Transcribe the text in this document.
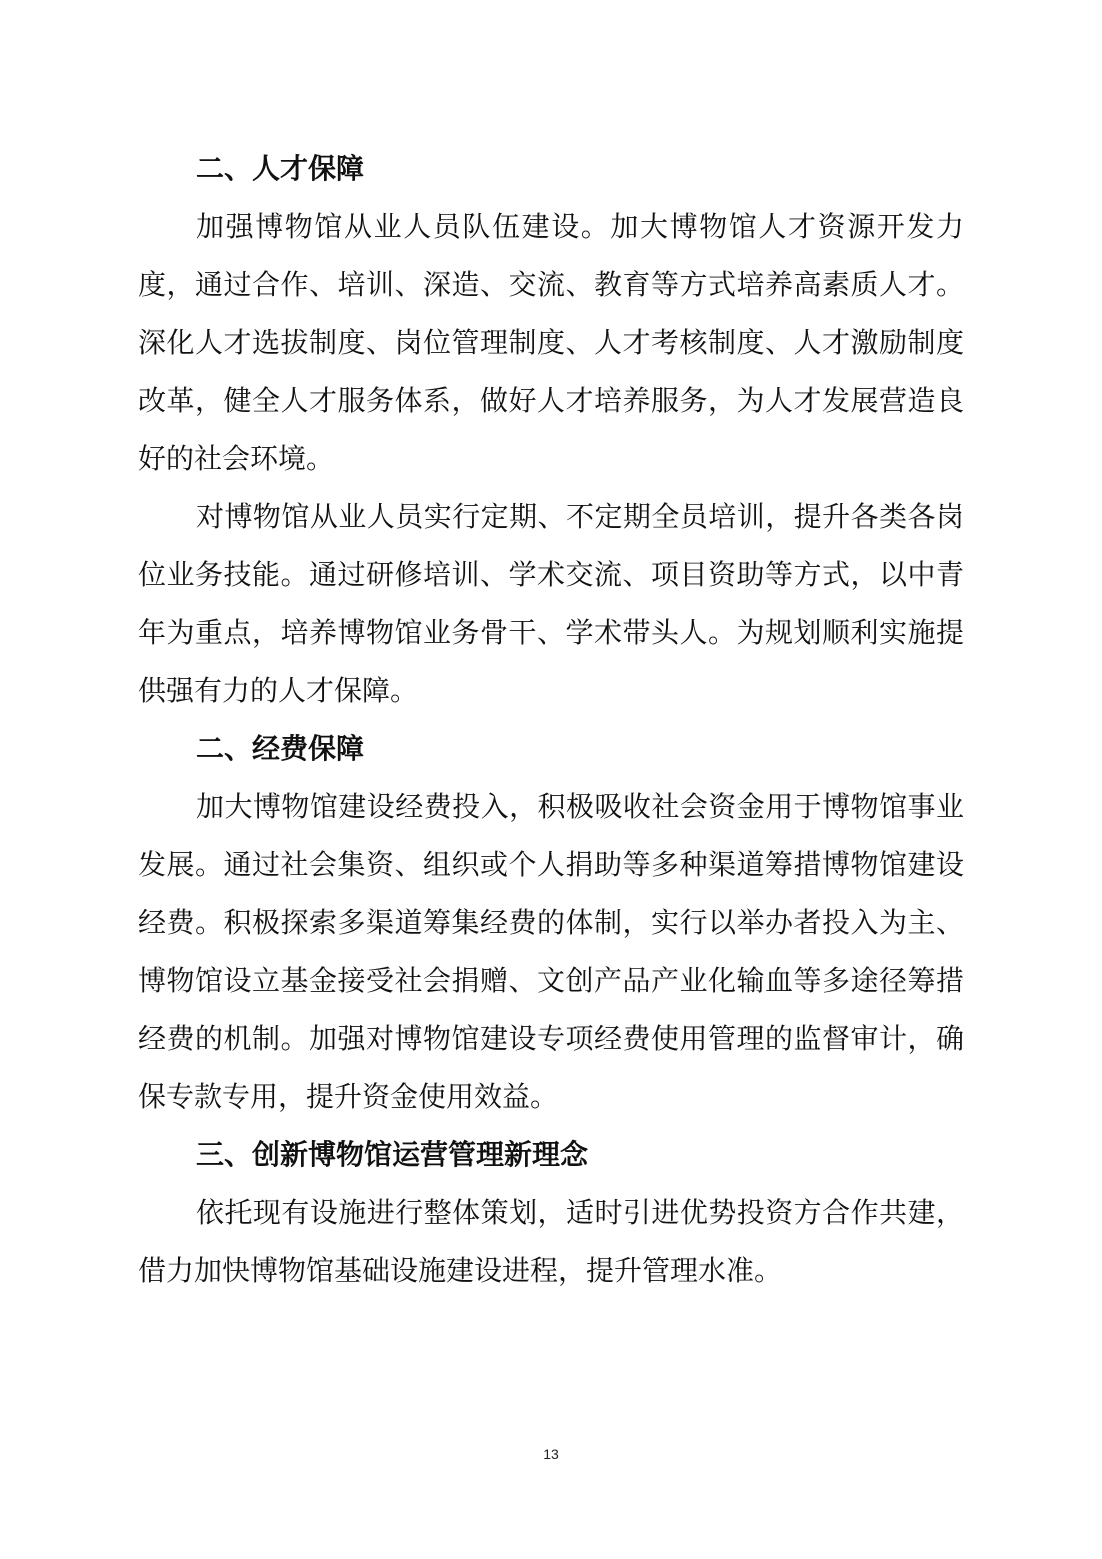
二、人才保障

加强博物馆从业人员队伍建设。加大博物馆人才资源开发力度，通过合作、培训、深造、交流、教育等方式培养高素质人才。深化人才选拔制度、岗位管理制度、人才考核制度、人才激励制度改革，健全人才服务体系，做好人才培养服务，为人才发展营造良好的社会环境。

对博物馆从业人员实行定期、不定期全员培训，提升各类各岗位业务技能。通过研修培训、学术交流、项目资助等方式，以中青年为重点，培养博物馆业务骨干、学术带头人。为规划顺利实施提供强有力的人才保障。

二、经费保障

加大博物馆建设经费投入，积极吸收社会资金用于博物馆事业发展。通过社会集资、组织或个人捐助等多种渠道筹措博物馆建设经费。积极探索多渠道筹集经费的体制，实行以举办者投入为主、博物馆设立基金接受社会捐赠、文创产品产业化输血等多途径筹措经费的机制。加强对博物馆建设专项经费使用管理的监督审计，确保专款专用，提升资金使用效益。

三、创新博物馆运营管理新理念

依托现有设施进行整体策划，适时引进优势投资方合作共建，借力加快博物馆基础设施建设进程，提升管理水准。

13
